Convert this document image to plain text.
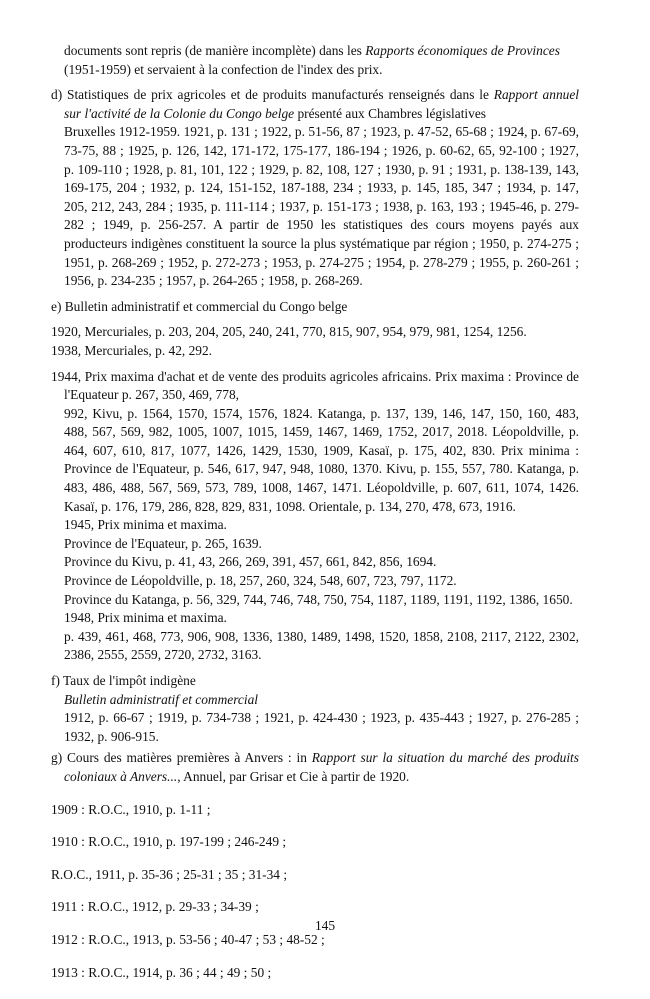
documents sont repris (de manière incomplète) dans les Rapports économiques de Provinces

(1951-1959) et servaient à la confection de l'index des prix.

d) Statistiques de prix agricoles et de produits manufacturés renseignés dans le Rapport annuel sur l'activité de la Colonie du Congo belge présenté aux Chambres législatives

Bruxelles 1912-1959. 1921, p. 131 ; 1922, p. 51-56, 87 ; 1923, p. 47-52, 65-68 ; 1924, p. 67-69, 73-75, 88 ; 1925, p. 126, 142, 171-172, 175-177, 186-194 ; 1926, p. 60-62, 65, 92-100 ; 1927, p. 109-110 ; 1928, p. 81, 101, 122 ; 1929, p. 82, 108, 127 ; 1930, p. 91 ; 1931, p. 138-139, 143, 169-175, 204 ; 1932, p. 124, 151-152, 187-188, 234 ; 1933, p. 145, 185, 347 ; 1934, p. 147, 205, 212, 243, 284 ; 1935, p. 111-114 ; 1937, p. 151-173 ; 1938, p. 163, 193 ; 1945-46, p. 279-282 ; 1949, p. 256-257. A partir de 1950 les statistiques des cours moyens payés aux producteurs indigènes constituent la source la plus systématique par région ; 1950, p. 274-275 ; 1951, p. 268-269 ; 1952, p. 272-273 ; 1953, p. 274-275 ; 1954, p. 278-279 ; 1955, p. 260-261 ; 1956, p. 234-235 ; 1957, p. 264-265 ; 1958, p. 268-269.

e) Bulletin administratif et commercial du Congo belge

1920, Mercuriales, p. 203, 204, 205, 240, 241, 770, 815, 907, 954, 979, 981, 1254, 1256.

1938, Mercuriales, p. 42, 292.

1944, Prix maxima d'achat et de vente des produits agricoles africains. Prix maxima : Province de l'Equateur p. 267, 350, 469, 778,

992, Kivu, p. 1564, 1570, 1574, 1576, 1824. Katanga, p. 137, 139, 146, 147, 150, 160, 483, 488, 567, 569, 982, 1005, 1007, 1015, 1459, 1467, 1469, 1752, 2017, 2018. Léopoldville, p. 464, 607, 610, 817, 1077, 1426, 1429, 1530, 1909, Kasaï, p. 175, 402, 830. Prix minima : Province de l'Equateur, p. 546, 617, 947, 948, 1080, 1370. Kivu, p. 155, 557, 780. Katanga, p. 483, 486, 488, 567, 569, 573, 789, 1008, 1467, 1471. Léopoldville, p. 607, 611, 1074, 1426. Kasaï, p. 176, 179, 286, 828, 829, 831, 1098. Orientale, p. 134, 270, 478, 673, 1916.

1945, Prix minima et maxima.

Province de l'Equateur, p. 265, 1639.

Province du Kivu, p. 41, 43, 266, 269, 391, 457, 661, 842, 856, 1694.

Province de Léopoldville, p. 18, 257, 260, 324, 548, 607, 723, 797, 1172.

Province du Katanga, p. 56, 329, 744, 746, 748, 750, 754, 1187, 1189, 1191, 1192, 1386, 1650.

1948, Prix minima et maxima.

p. 439, 461, 468, 773, 906, 908, 1336, 1380, 1489, 1498, 1520, 1858, 2108, 2117, 2122, 2302, 2386, 2555, 2559, 2720, 2732, 3163.

f) Taux de l'impôt indigène

Bulletin administratif et commercial

1912, p. 66-67 ; 1919, p. 734-738 ; 1921, p. 424-430 ; 1923, p. 435-443 ; 1927, p. 276-285 ; 1932, p. 906-915.

g) Cours des matières premières à Anvers : in Rapport sur la situation du marché des produits coloniaux à Anvers..., Annuel, par Grisar et Cie à partir de 1920.

1909 : R.O.C., 1910, p. 1-11 ;

1910 : R.O.C., 1910, p. 197-199 ; 246-249 ;

R.O.C., 1911, p. 35-36 ; 25-31 ; 35 ; 31-34 ;

1911 : R.O.C., 1912, p. 29-33 ; 34-39 ;

1912 : R.O.C., 1913, p. 53-56 ; 40-47 ; 53 ; 48-52 ;

1913 : R.O.C., 1914, p. 36 ; 44 ; 49 ; 50 ;

145
